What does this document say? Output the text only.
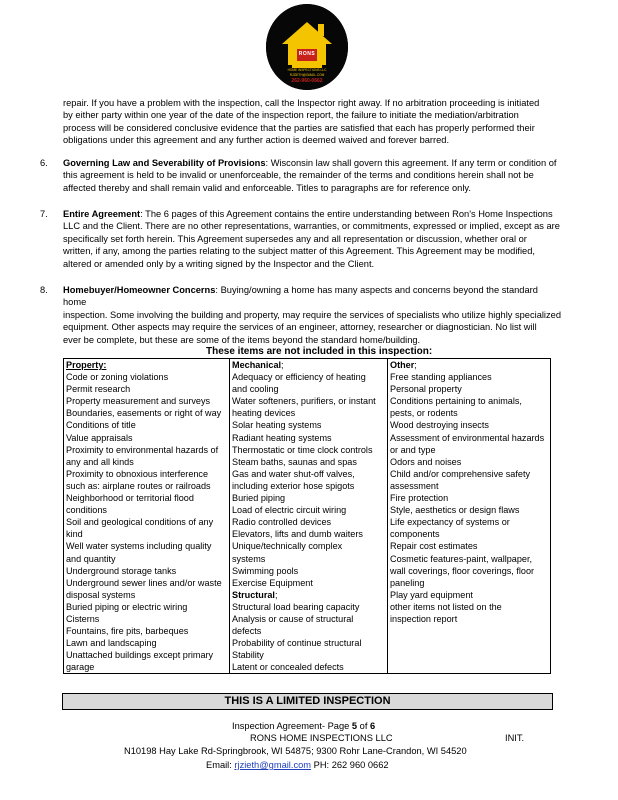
RONS
HOME INSPECTIONS LLC
RJZIETH@GMAIL.COM
262-960-0662
repair. If you have a problem with the inspection, call the Inspector right away. If no arbitration proceeding is initiated
by either party within one year of the date of the inspection report, the failure to initiate the mediation/arbitration
process will be considered conclusive evidence that the parties are satisfied that each has properly performed their
obligations under this agreement and any further action is deemed waived and forever barred.
6. Governing Law and Severability of Provisions: Wisconsin law shall govern this agreement. If any term or condition of
this agreement is held to be invalid or unenforceable, the remainder of the terms and conditions herein shall not be
affected thereby and shall remain valid and enforceable. Titles to paragraphs are for reference only.
7. Entire Agreement: The 6 pages of this Agreement contains the entire understanding between Ron's Home Inspections
LLC and the Client. There are no other representations, warranties, or commitments, expressed or implied, except as are
specifically set forth herein. This Agreement supersedes any and all representation or discussion, whether oral or
written, if any, among the parties relating to the subject matter of this Agreement. This Agreement may be modified,
altered or amended only by a writing signed by the Inspector and the Client.
8. Homebuyer/Homeowner Concerns: Buying/owning a home has many aspects and concerns beyond the standard home
inspection. Some involving the building and property, may require the services of specialists who utilize highly specialized
equipment. Other aspects may require the services of an engineer, attorney, researcher or diagnostician. No list will
ever be complete, but these are some of the items beyond the standard home/building.
These items are not included in this inspection:
Property:
Code or zoning violations
Permit research
Property measurement and surveys
Boundaries, easements or right of way
Conditions of title
Value appraisals
Proximity to environmental hazards of
any and all kinds
Proximity to obnoxious interference
such as: airplane routes or railroads
Neighborhood or territorial flood
conditions
Soil and geological conditions of any
kind
Well water systems including quality
and quantity
Underground storage tanks
Underground sewer lines and/or waste
disposal systems
Buried piping or electric wiring
Cisterns
Fountains, fire pits, barbeques
Lawn and landscaping
Unattached buildings except primary
garage

Mechanical;
Adequacy or efficiency of heating
and cooling
Water softeners, purifiers, or instant
heating devices
Solar heating systems
Radiant heating systems
Thermostatic or time clock controls
Steam baths, saunas and spas
Gas and water shut-off valves,
including exterior hose spigots
Buried piping
Load of electric circuit wiring
Radio controlled devices
Elevators, lifts and dumb waiters
Unique/technically complex
systems
Swimming pools
Exercise Equipment
Structural;
Structural load bearing capacity
Analysis or cause of structural
defects
Probability of continue structural
Stability
Latent or concealed defects

Other;
Free standing appliances
Personal property
Conditions pertaining to animals,
pests, or rodents
Wood destroying insects
Assessment of environmental hazards
or and type
Odors and noises
Child and/or comprehensive safety
assessment
Fire protection
Style, aesthetics or design flaws
Life expectancy of systems or
components
Repair cost estimates
Cosmetic features-paint, wallpaper,
wall coverings, floor coverings, floor
paneling
Play yard equipment
other items not listed on the
inspection report
THIS IS A LIMITED INSPECTION
Inspection Agreement- Page 5 of 6
RONS HOME INSPECTIONS LLC	INIT.
N10198 Hay Lake Rd-Springbrook, WI 54875; 9300 Rohr Lane-Crandon, WI 54520
Email: rjzieth@gmail.com PH: 262 960 0662
